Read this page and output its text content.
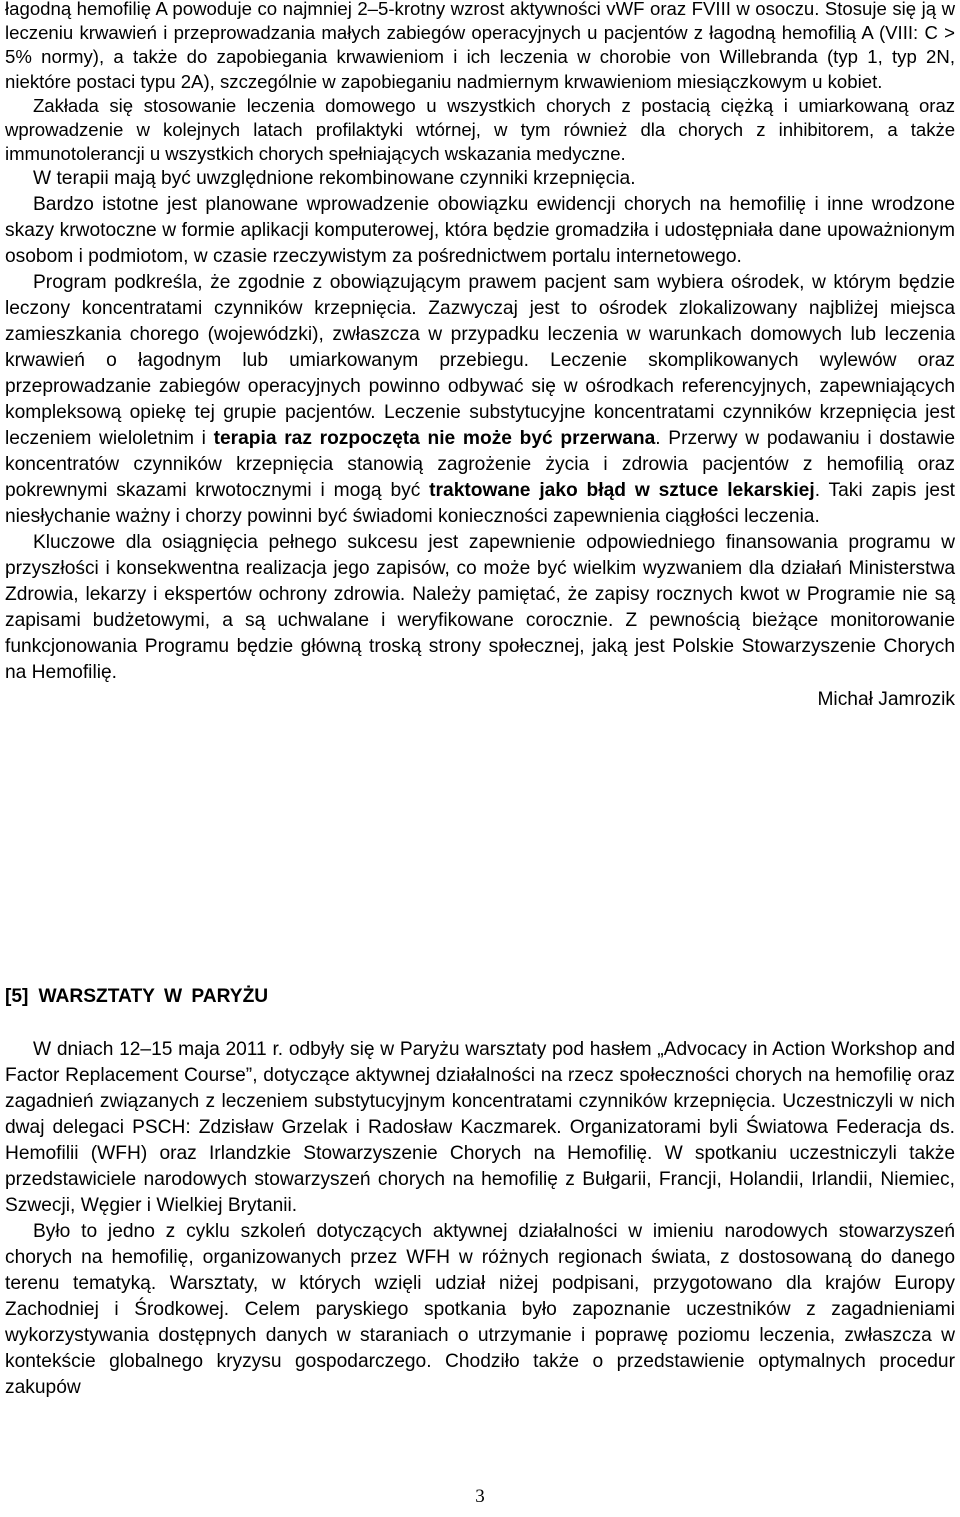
łagodną hemofilię A powoduje co najmniej 2–5-krotny wzrost aktywności vWF oraz FVIII w osoczu. Stosuje się ją w leczeniu krwawień i przeprowadzania małych zabiegów operacyjnych u pacjentów z łagodną hemofilią A (VIII: C > 5% normy), a także do zapobiegania krwawieniom i ich leczenia w chorobie von Willebranda (typ 1, typ 2N, niektóre postaci typu 2A), szczególnie w zapobieganiu nadmiernym krwawieniom miesiączkowym u kobiet.

Zakłada się stosowanie leczenia domowego u wszystkich chorych z postacią ciężką i umiarkowaną oraz wprowadzenie w kolejnych latach profilaktyki wtórnej, w tym również dla chorych z inhibitorem, a także immunotolerancji u wszystkich chorych spełniających wskazania medyczne.

W terapii mają być uwzględnione rekombinowane czynniki krzepnięcia.

Bardzo istotne jest planowane wprowadzenie obowiązku ewidencji chorych na hemofilię i inne wrodzone skazy krwotoczne w formie aplikacji komputerowej, która będzie gromadziła i udostępniała dane upoważnionym osobom i podmiotom, w czasie rzeczywistym za pośrednictwem portalu internetowego.

Program podkreśla, że zgodnie z obowiązującym prawem pacjent sam wybiera ośrodek, w którym będzie leczony koncentratami czynników krzepnięcia. Zazwyczaj jest to ośrodek zlokalizowany najbliżej miejsca zamieszkania chorego (wojewódzki), zwłaszcza w przypadku leczenia w warunkach domowych lub leczenia krwawień o łagodnym lub umiarkowanym przebiegu. Leczenie skomplikowanych wylewów oraz przeprowadzanie zabiegów operacyjnych powinno odbywać się w ośrodkach referencyjnych, zapewniających kompleksową opiekę tej grupie pacjentów. Leczenie substytucyjne koncentratami czynników krzepnięcia jest leczeniem wieloletnim i terapia raz rozpoczęta nie może być przerwana. Przerwy w podawaniu i dostawie koncentratów czynników krzepnięcia stanowią zagrożenie życia i zdrowia pacjentów z hemofilią oraz pokrewnymi skazami krwotocznymi i mogą być traktowane jako błąd w sztuce lekarskiej. Taki zapis jest niesłychanie ważny i chorzy powinni być świadomi konieczności zapewnienia ciągłości leczenia.

Kluczowe dla osiągnięcia pełnego sukcesu jest zapewnienie odpowiedniego finansowania programu w przyszłości i konsekwentna realizacja jego zapisów, co może być wielkim wyzwaniem dla działań Ministerstwa Zdrowia, lekarzy i ekspertów ochrony zdrowia. Należy pamiętać, że zapisy rocznych kwot w Programie nie są zapisami budżetowymi, a są uchwalane i weryfikowane corocznie. Z pewnością bieżące monitorowanie funkcjonowania Programu będzie główną troską strony społecznej, jaką jest Polskie Stowarzyszenie Chorych na Hemofilię.

Michał Jamrozik
[5] WARSZTATY W PARYŻU

W dniach 12–15 maja 2011 r. odbyły się w Paryżu warsztaty pod hasłem „Advocacy in Action Workshop and Factor Replacement Course”, dotyczące aktywnej działalności na rzecz społeczności chorych na hemofilię oraz zagadnień związanych z leczeniem substytucyjnym koncentratami czynników krzepnięcia. Uczestniczyli w nich dwaj delegaci PSCH: Zdzisław Grzelak i Radosław Kaczmarek. Organizatorami byli Światowa Federacja ds. Hemofilii (WFH) oraz Irlandzkie Stowarzyszenie Chorych na Hemofilię. W spotkaniu uczestniczyli także przedstawiciele narodowych stowarzyszeń chorych na hemofilię z Bułgarii, Francji, Holandii, Irlandii, Niemiec, Szwecji, Węgier i Wielkiej Brytanii.

Było to jedno z cyklu szkoleń dotyczących aktywnej działalności w imieniu narodowych stowarzyszeń chorych na hemofilię, organizowanych przez WFH w różnych regionach świata, z dostosowaną do danego terenu tematyką. Warsztaty, w których wzięli udział niżej podpisani, przygotowano dla krajów Europy Zachodniej i Środkowej. Celem paryskiego spotkania było zapoznanie uczestników z zagadnieniami wykorzystywania dostępnych danych w staraniach o utrzymanie i poprawę poziomu leczenia, zwłaszcza w kontekście globalnego kryzysu gospodarczego. Chodziło także o przedstawienie optymalnych procedur zakupów

3
